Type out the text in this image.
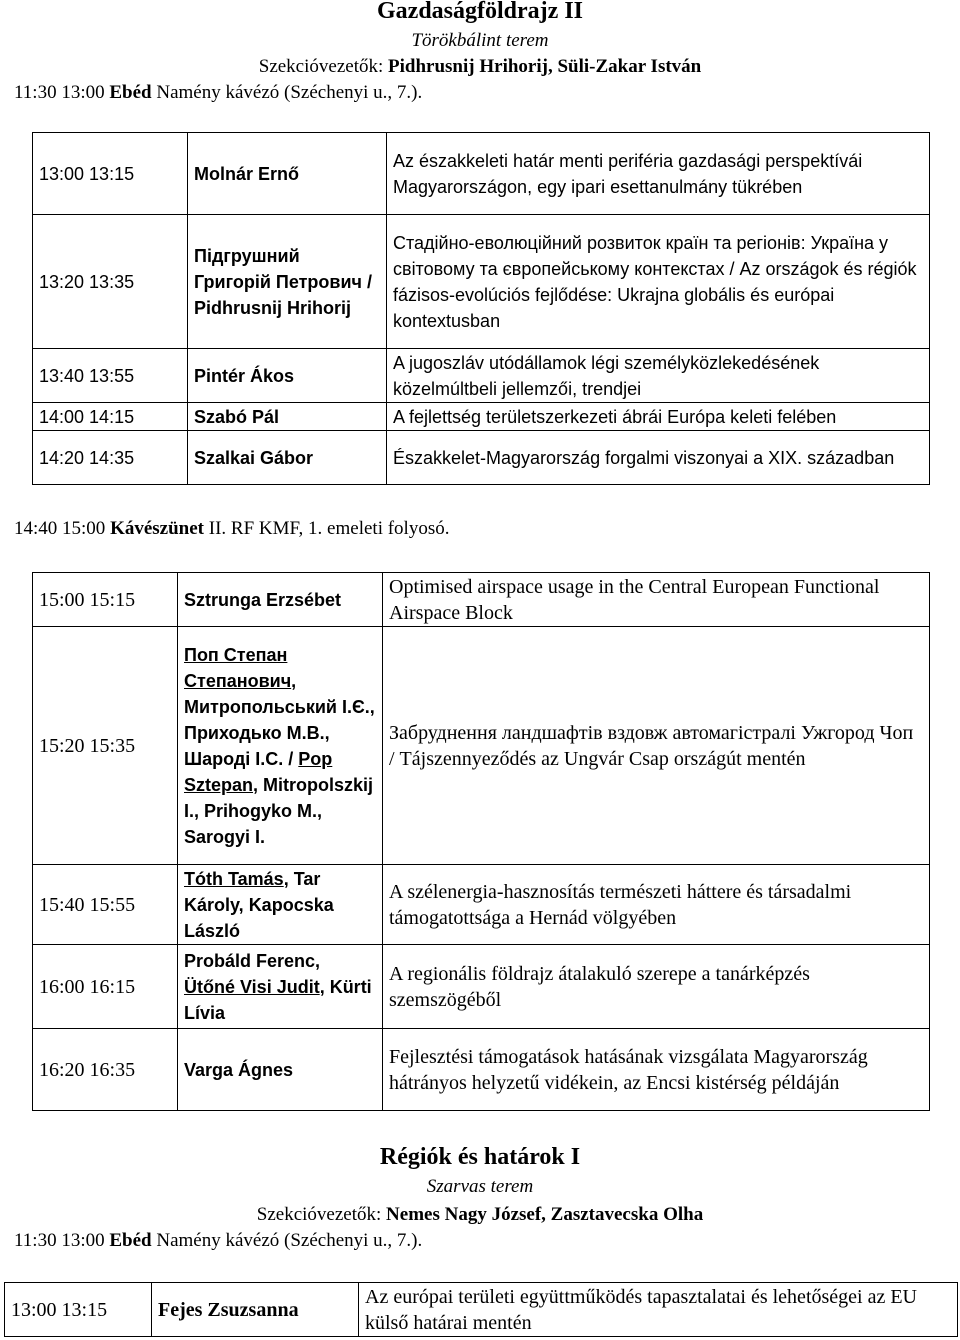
Gazdaságföldrajz II
Törökbálint terem
Szekcióvezetők: Pidhrusnij Hrihorij, Süli-Zakar István
11:30 13:00 Ebéd Namény kávézó (Széchenyi u., 7.).
13:00 13:15	Molnár Ernő	Az északkeleti határ menti periféria gazdasági perspektívái Magyarországon, egy ipari esettanulmány tükrében
13:20 13:35	Підгрушний Григорій Петрович / Pidhrusnij Hrihorij	Стадійно-еволюційний розвиток країн та регіонів: Україна у світовому та європейському контекстах / Az országok és régiók fázisos-evolúciós fejlődése: Ukrajna globális és európai kontextusban
13:40 13:55	Pintér Ákos	A jugoszláv utódállamok légi személyközlekedésének közelmúltbeli jellemzői, trendjei
14:00 14:15	Szabó Pál	A fejlettség területszerkezeti ábrái Európa keleti felében
14:20 14:35	Szalkai Gábor	Északkelet-Magyarország forgalmi viszonyai a XIX. században
14:40 15:00 Kávészünet II. RF KMF, 1. emeleti folyosó.
15:00 15:15	Sztrunga Erzsébet	Optimised airspace usage in the Central European Functional Airspace Block
15:20 15:35	Поп Степан Степанович, Митропольський І.Є., Приходько М.В., Шароді І.С. / Pop Sztepan, Mitropolszkij I., Prihogyko M., Sarogyi I.	Забруднення ландшафтів вздовж автомагістралі Ужгород Чоп / Tájszennyeződés az Ungvár Csap országút mentén
15:40 15:55	Tóth Tamás, Tar Károly, Kapocska László	A szélenergia-hasznosítás természeti háttere és társadalmi támogatottsága a Hernád völgyében
16:00 16:15	Probáld Ferenc, Ütőné Visi Judit, Kürti Lívia	A regionális földrajz átalakuló szerepe a tanárképzés szemszögéből
16:20 16:35	Varga Ágnes	Fejlesztési támogatások hatásának vizsgálata Magyarország hátrányos helyzetű vidékein, az Encsi kistérség példáján
Régiók és határok I
Szarvas terem
Szekcióvezetők: Nemes Nagy József, Zasztavecska Olha
11:30 13:00 Ebéd Namény kávézó (Széchenyi u., 7.).
13:00 13:15	Fejes Zsuzsanna	Az európai területi együttműködés tapasztalatai és lehetőségei az EU külső határai mentén
